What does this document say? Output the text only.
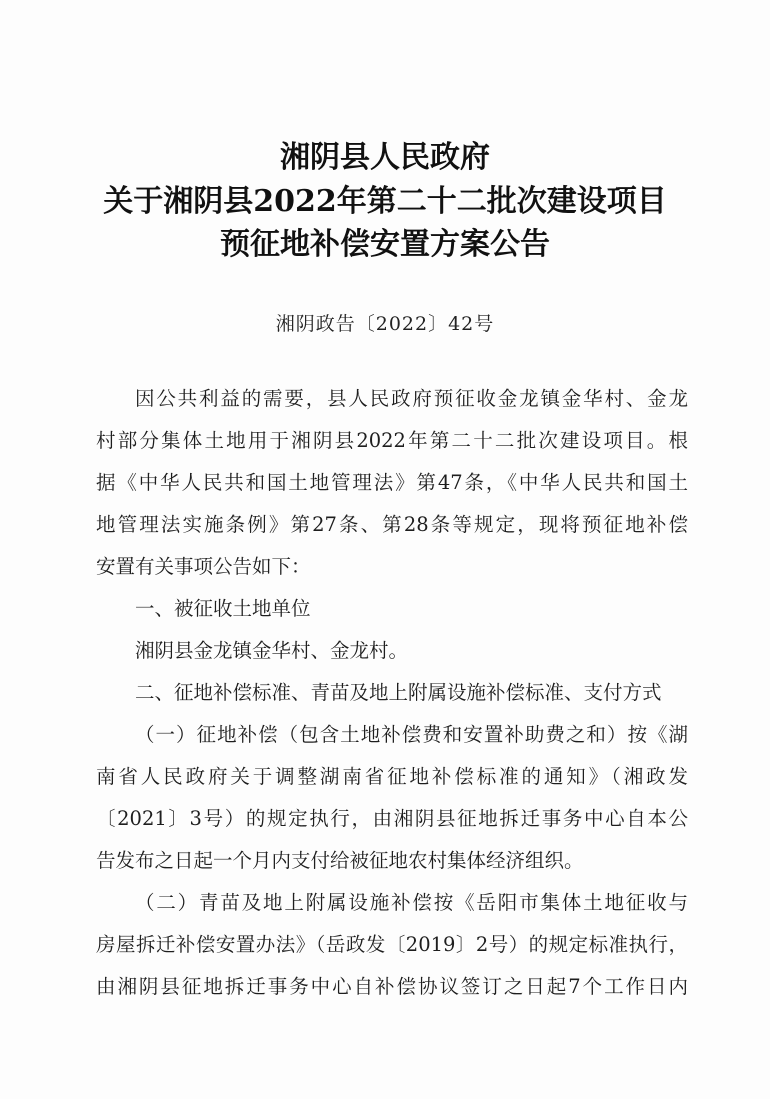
湘阴县人民政府
关于湘阴县2022年第二十二批次建设项目
预征地补偿安置方案公告
湘阴政告〔2022〕42号
因公共利益的需要，县人民政府预征收金龙镇金华村、金龙
村部分集体土地用于湘阴县2022年第二十二批次建设项目。根
据《中华人民共和国土地管理法》第47条，《中华人民共和国土
地管理法实施条例》第27条、第28条等规定，现将预征地补偿
安置有关事项公告如下：
一、被征收土地单位
湘阴县金龙镇金华村、金龙村。
二、征地补偿标准、青苗及地上附属设施补偿标准、支付方式
（一）征地补偿（包含土地补偿费和安置补助费之和）按《湖
南省人民政府关于调整湖南省征地补偿标准的通知》（湘政发
〔2021〕3号）的规定执行，由湘阴县征地拆迁事务中心自本公
告发布之日起一个月内支付给被征地农村集体经济组织。
（二）青苗及地上附属设施补偿按《岳阳市集体土地征收与
房屋拆迁补偿安置办法》（岳政发〔2019〕2号）的规定标准执行，
由湘阴县征地拆迁事务中心自补偿协议签订之日起7个工作日内
